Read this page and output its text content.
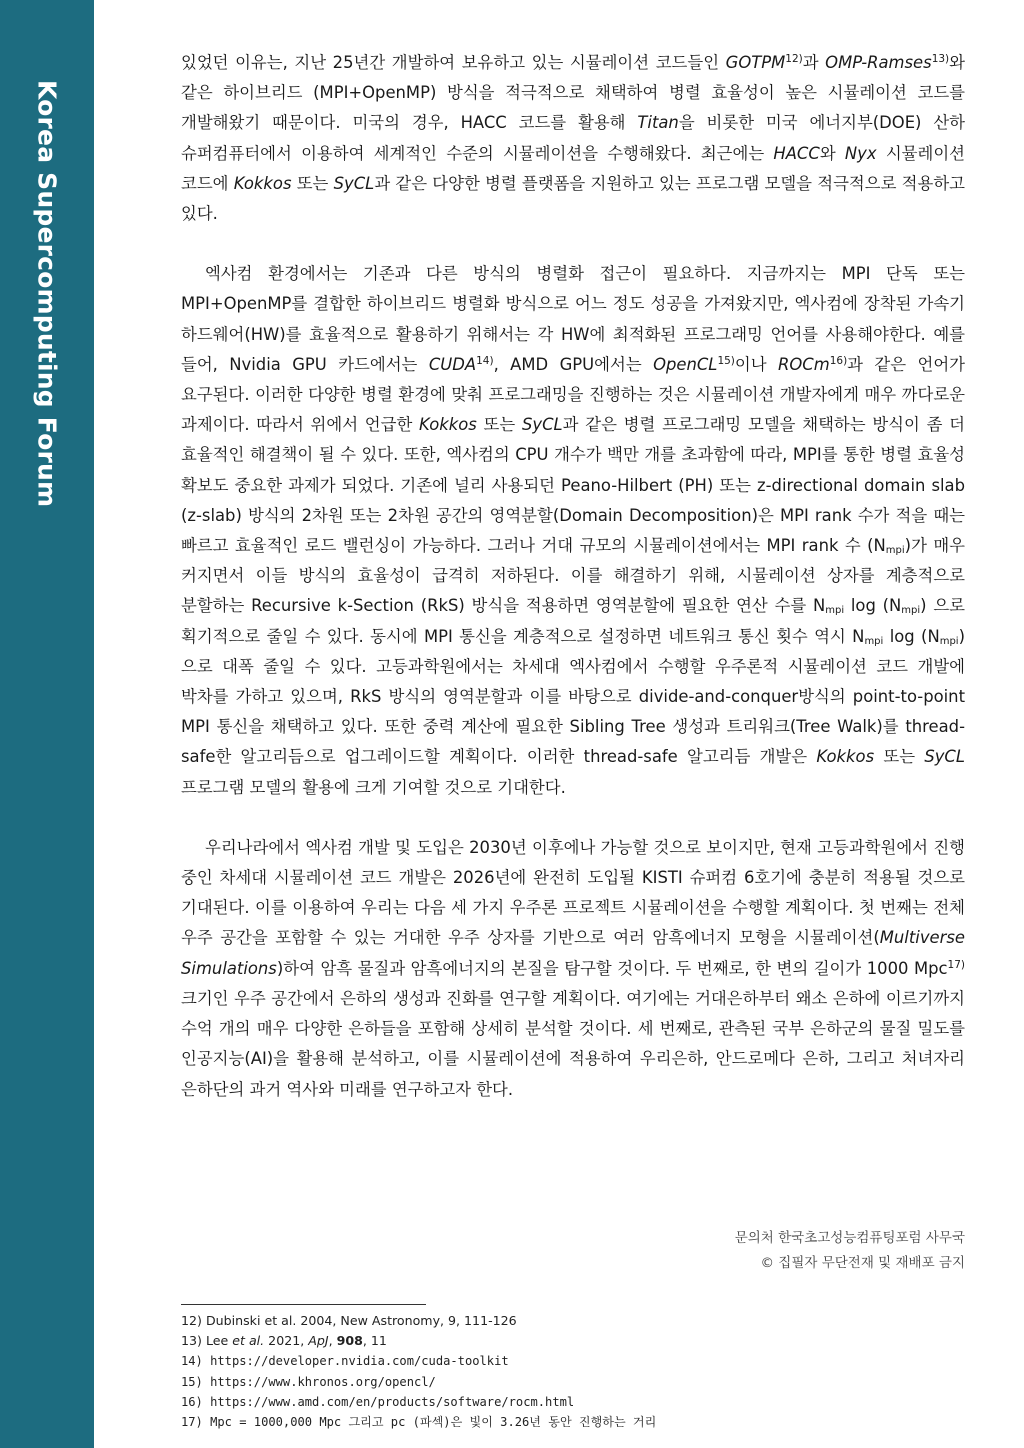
Korea Supercomputing Forum

있었던 이유는, 지난 25년간 개발하여 보유하고 있는 시뮬레이션 코드들인 GOTPM$^{12)}$과 OMP-Ramses$^{13)}$와 같은 하이브리드 (MPI+OpenMP) 방식을 적극적으로 채택하여 병렬 효율성이 높은 시뮬레이션 코드를 개발해왔기 때문이다. 미국의 경우, HACC 코드를 활용해 Titan을 비롯한 미국 에너지부(DOE) 산하 슈퍼컴퓨터에서 이용하여 세계적인 수준의 시뮬레이션을 수행해왔다. 최근에는 HACC와 Nyx 시뮬레이션 코드에 Kokkos 또는 SyCL과 같은 다양한 병렬 플랫폼을 지원하고 있는 프로그램 모델을 적극적으로 적용하고 있다.

엑사컴 환경에서는 기존과 다른 방식의 병렬화 접근이 필요하다. 지금까지는 MPI 단독 또는 MPI+OpenMP를 결합한 하이브리드 병렬화 방식으로 어느 정도 성공을 가져왔지만, 엑사컴에 장착된 가속기 하드웨어(HW)를 효율적으로 활용하기 위해서는 각 HW에 최적화된 프로그래밍 언어를 사용해야한다. 예를 들어, Nvidia GPU 카드에서는 CUDA$^{14)}$, AMD GPU에서는 OpenCL$^{15)}$이나 ROCm$^{16)}$과 같은 언어가 요구된다. 이러한 다양한 병렬 환경에 맞춰 프로그래밍을 진행하는 것은 시뮬레이션 개발자에게 매우 까다로운 과제이다. 따라서 위에서 언급한 Kokkos 또는 SyCL과 같은 병렬 프로그래밍 모델을 채택하는 방식이 좀 더 효율적인 해결책이 될 수 있다. 또한, 엑사컴의 CPU 개수가 백만 개를 초과함에 따라, MPI를 통한 병렬 효율성 확보도 중요한 과제가 되었다. 기존에 널리 사용되던 Peano-Hilbert (PH) 또는 z-directional domain slab (z-slab) 방식의 2차원 또는 2차원 공간의 영역분할(Domain Decomposition)은 MPI rank 수가 적을 때는 빠르고 효율적인 로드 밸런싱이 가능하다. 그러나 거대 규모의 시뮬레이션에서는 MPI rank 수 $(N_{mpi})$가 매우 커지면서 이들 방식의 효율성이 급격히 저하된다. 이를 해결하기 위해, 시뮬레이션 상자를 계층적으로 분할하는 Recursive k-Section (RkS) 방식을 적용하면 영역분할에 필요한 연산 수를 $N_{mpi}$ $\log (N_{mpi})$ 으로 획기적으로 줄일 수 있다. 동시에 MPI 통신을 계층적으로 설정하면 네트워크 통신 횟수 역시 $N_{mpi}$ $\log (N_{mpi})$으로 대폭 줄일 수 있다. 고등과학원에서는 차세대 엑사컴에서 수행할 우주론적 시뮬레이션 코드 개발에 박차를 가하고 있으며, RkS 방식의 영역분할과 이를 바탕으로 divide-and-conquer방식의 point-to-point MPI 통신을 채택하고 있다. 또한 중력 계산에 필요한 Sibling Tree 생성과 트리워크(Tree Walk)를 thread-safe한 알고리듬으로 업그레이드할 계획이다. 이러한 thread-safe 알고리듬 개발은 Kokkos 또는 SyCL 프로그램 모델의 활용에 크게 기여할 것으로 기대한다.

우리나라에서 엑사컴 개발 및 도입은 2030년 이후에나 가능할 것으로 보이지만, 현재 고등과학원에서 진행 중인 차세대 시뮬레이션 코드 개발은 2026년에 완전히 도입될 KISTI 슈퍼컴 6호기에 충분히 적용될 것으로 기대된다. 이를 이용하여 우리는 다음 세 가지 우주론 프로젝트 시뮬레이션을 수행할 계획이다. 첫 번째는 전체 우주 공간을 포함할 수 있는 거대한 우주 상자를 기반으로 여러 암흑에너지 모형을 시뮬레이션(Multiverse Simulations)하여 암흑 물질과 암흑에너지의 본질을 탐구할 것이다. 두 번째로, 한 변의 길이가 1000 Mpc$^{17)}$ 크기인 우주 공간에서 은하의 생성과 진화를 연구할 계획이다. 여기에는 거대은하부터 왜소 은하에 이르기까지 수억 개의 매우 다양한 은하들을 포함해 상세히 분석할 것이다. 세 번째로, 관측된 국부 은하군의 물질 밀도를 인공지능(AI)을 활용해 분석하고, 이를 시뮬레이션에 적용하여 우리은하, 안드로메다 은하, 그리고 처녀자리 은하단의 과거 역사와 미래를 연구하고자 한다.

문의처 한국초고성능컴퓨팅포럼 사무국
© 집필자 무단전재 및 재배포 금지
12) Dubinski et al. 2004, New Astronomy, 9, 111-126
13) Lee et al. 2021, ApJ, 908, 11
14) https://developer.nvidia.com/cuda-toolkit
15) https://www.khronos.org/opencl/
16) https://www.amd.com/en/products/software/rocm.html
17) Mpc = 1000,000 Mpc 그리고 pc (파섹)은 빛이 3.26년 동안 진행하는 거리
